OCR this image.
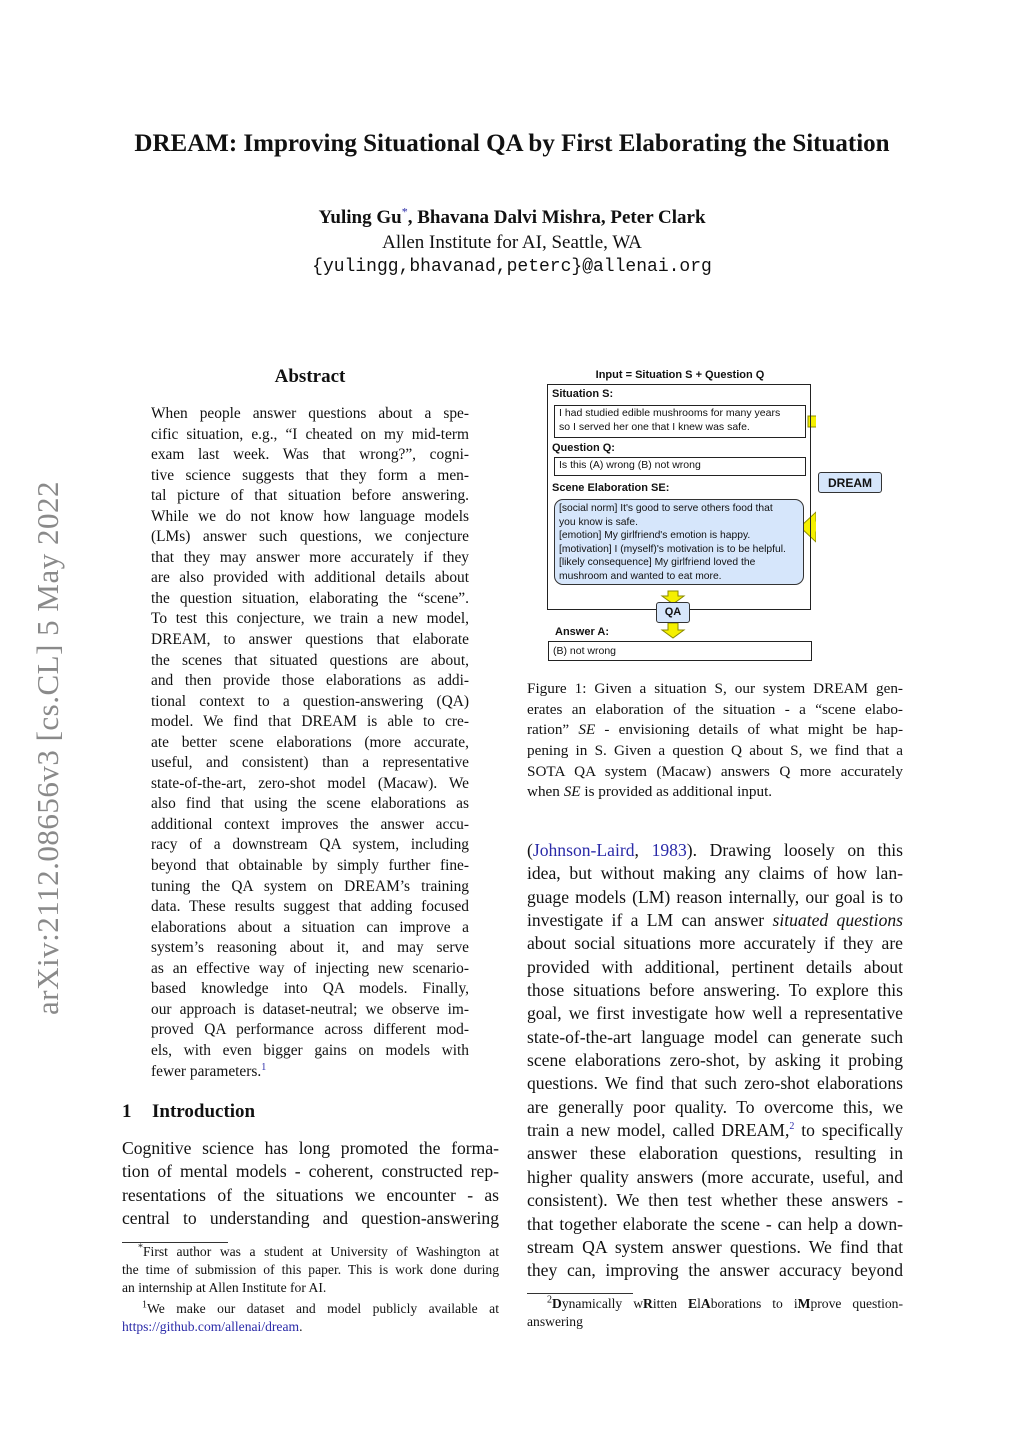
arXiv:2112.08656v3 [cs.CL] 5 May 2022
DREAM: Improving Situational QA by First Elaborating the Situation
Yuling Gu*, Bhavana Dalvi Mishra, Peter Clark
Allen Institute for AI, Seattle, WA
{yulingg,bhavanad,peterc}@allenai.org
Abstract
When people answer questions about a spe-
cific situation, e.g., “I cheated on my mid-term
exam last week. Was that wrong?”, cogni-
tive science suggests that they form a men-
tal picture of that situation before answering.
While we do not know how language models
(LMs) answer such questions, we conjecture
that they may answer more accurately if they
are also provided with additional details about
the question situation, elaborating the “scene”.
To test this conjecture, we train a new model,
DREAM, to answer questions that elaborate
the scenes that situated questions are about,
and then provide those elaborations as addi-
tional context to a question-answering (QA)
model. We find that DREAM is able to cre-
ate better scene elaborations (more accurate,
useful, and consistent) than a representative
state-of-the-art, zero-shot model (Macaw). We
also find that using the scene elaborations as
additional context improves the answer accu-
racy of a downstream QA system, including
beyond that obtainable by simply further fine-
tuning the QA system on DREAM’s training
data. These results suggest that adding focused
elaborations about a situation can improve a
system’s reasoning about it, and may serve
as an effective way of injecting new scenario-
based knowledge into QA models. Finally,
our approach is dataset-neutral; we observe im-
proved QA performance across different mod-
els, with even bigger gains on models with
fewer parameters.$^1$
1 Introduction
Cognitive science has long promoted the forma-
tion of mental models - coherent, constructed rep-
resentations of the situations we encounter - as
central to understanding and question-answering
*First author was a student at University of Washington at
the time of submission of this paper. This is work done during
an internship at Allen Institute for AI.
$^1$We make our dataset and model publicly available at
https://github.com/allenai/dream.
Input = Situation S + Question Q
Situation S:
I had studied edible mushrooms for many years
so I served her one that I knew was safe.
Question Q:
Is this (A) wrong (B) not wrong
Scene Elaboration SE:
[social norm] It's good to serve others food that
you know is safe.
[emotion] My girlfriend's emotion is happy.
[motivation] I (myself)'s motivation is to be helpful.
[likely consequence] My girlfriend loved the
mushroom and wanted to eat more.
DREAM
QA
Answer A:
(B) not wrong
Figure 1: Given a situation S, our system DREAM gen-
erates an elaboration of the situation - a “scene elabo-
ration” SE - envisioning details of what might be hap-
pening in S. Given a question Q about S, we find that a
SOTA QA system (Macaw) answers Q more accurately
when SE is provided as additional input.
(Johnson-Laird, 1983). Drawing loosely on this
idea, but without making any claims of how lan-
guage models (LM) reason internally, our goal is to
investigate if a LM can answer situated questions
about social situations more accurately if they are
provided with additional, pertinent details about
those situations before answering. To explore this
goal, we first investigate how well a representative
state-of-the-art language model can generate such
scene elaborations zero-shot, by asking it probing
questions. We find that such zero-shot elaborations
are generally poor quality. To overcome this, we
train a new model, called DREAM,$^2$ to specifically
answer these elaboration questions, resulting in
higher quality answers (more accurate, useful, and
consistent). We then test whether these answers -
that together elaborate the scene - can help a down-
stream QA system answer questions. We find that
they can, improving the answer accuracy beyond
$^2$Dynamically wRitten ElAborations to iMprove question-
answering
